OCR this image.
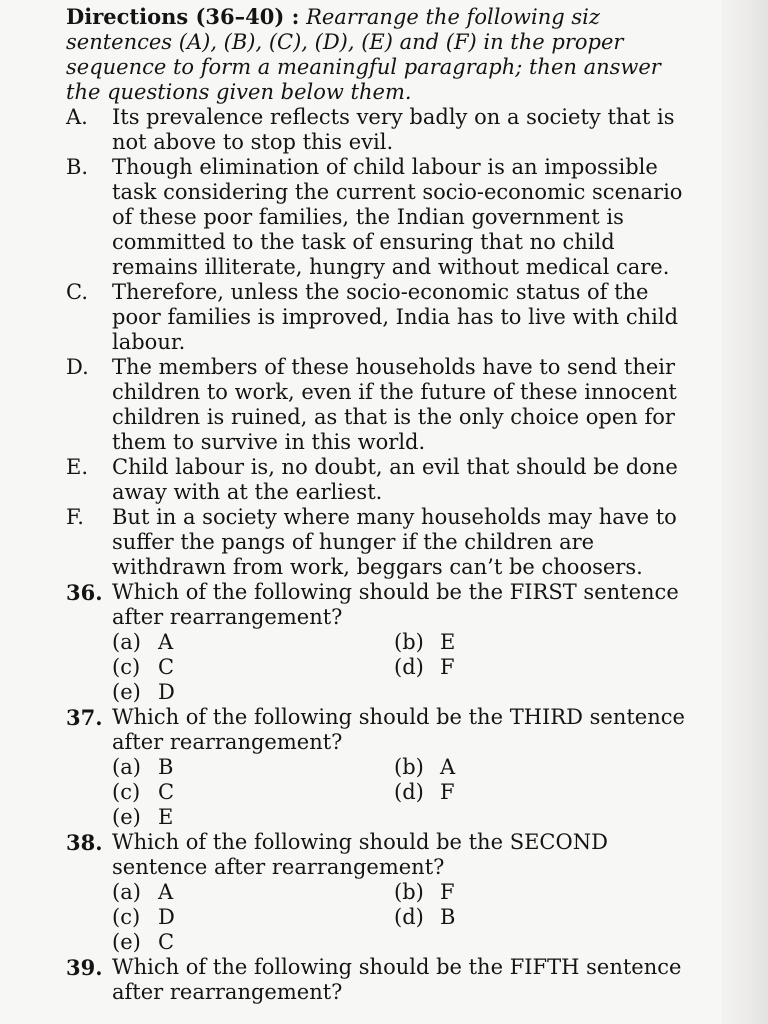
Directions (36–40) : Rearrange the following siz sentences (A), (B), (C), (D), (E) and (F) in the proper sequence to form a meaningful paragraph; then answer the questions given below them.
A.	Its prevalence reflects very badly on a society that is not above to stop this evil.
B.	Though elimination of child labour is an impossible task considering the current socio-economic scenario of these poor families, the Indian government is committed to the task of ensuring that no child remains illiterate, hungry and without medical care.
C.	Therefore, unless the socio-economic status of the poor families is improved, India has to live with child labour.
D.	The members of these households have to send their children to work, even if the future of these innocent children is ruined, as that is the only choice open for them to survive in this world.
E.	Child labour is, no doubt, an evil that should be done away with at the earliest.
F.	But in a society where many households may have to suffer the pangs of hunger if the children are withdrawn from work, beggars can’t be choosers.
36. Which of the following should be the FIRST sentence after rearrangement?
(a) A	(b) E
(c) C	(d) F
(e) D
37. Which of the following should be the THIRD sentence after rearrangement?
(a) B	(b) A
(c) C	(d) F
(e) E
38. Which of the following should be the SECOND sentence after rearrangement?
(a) A	(b) F
(c) D	(d) B
(e) C
39. Which of the following should be the FIFTH sentence after rearrangement?
